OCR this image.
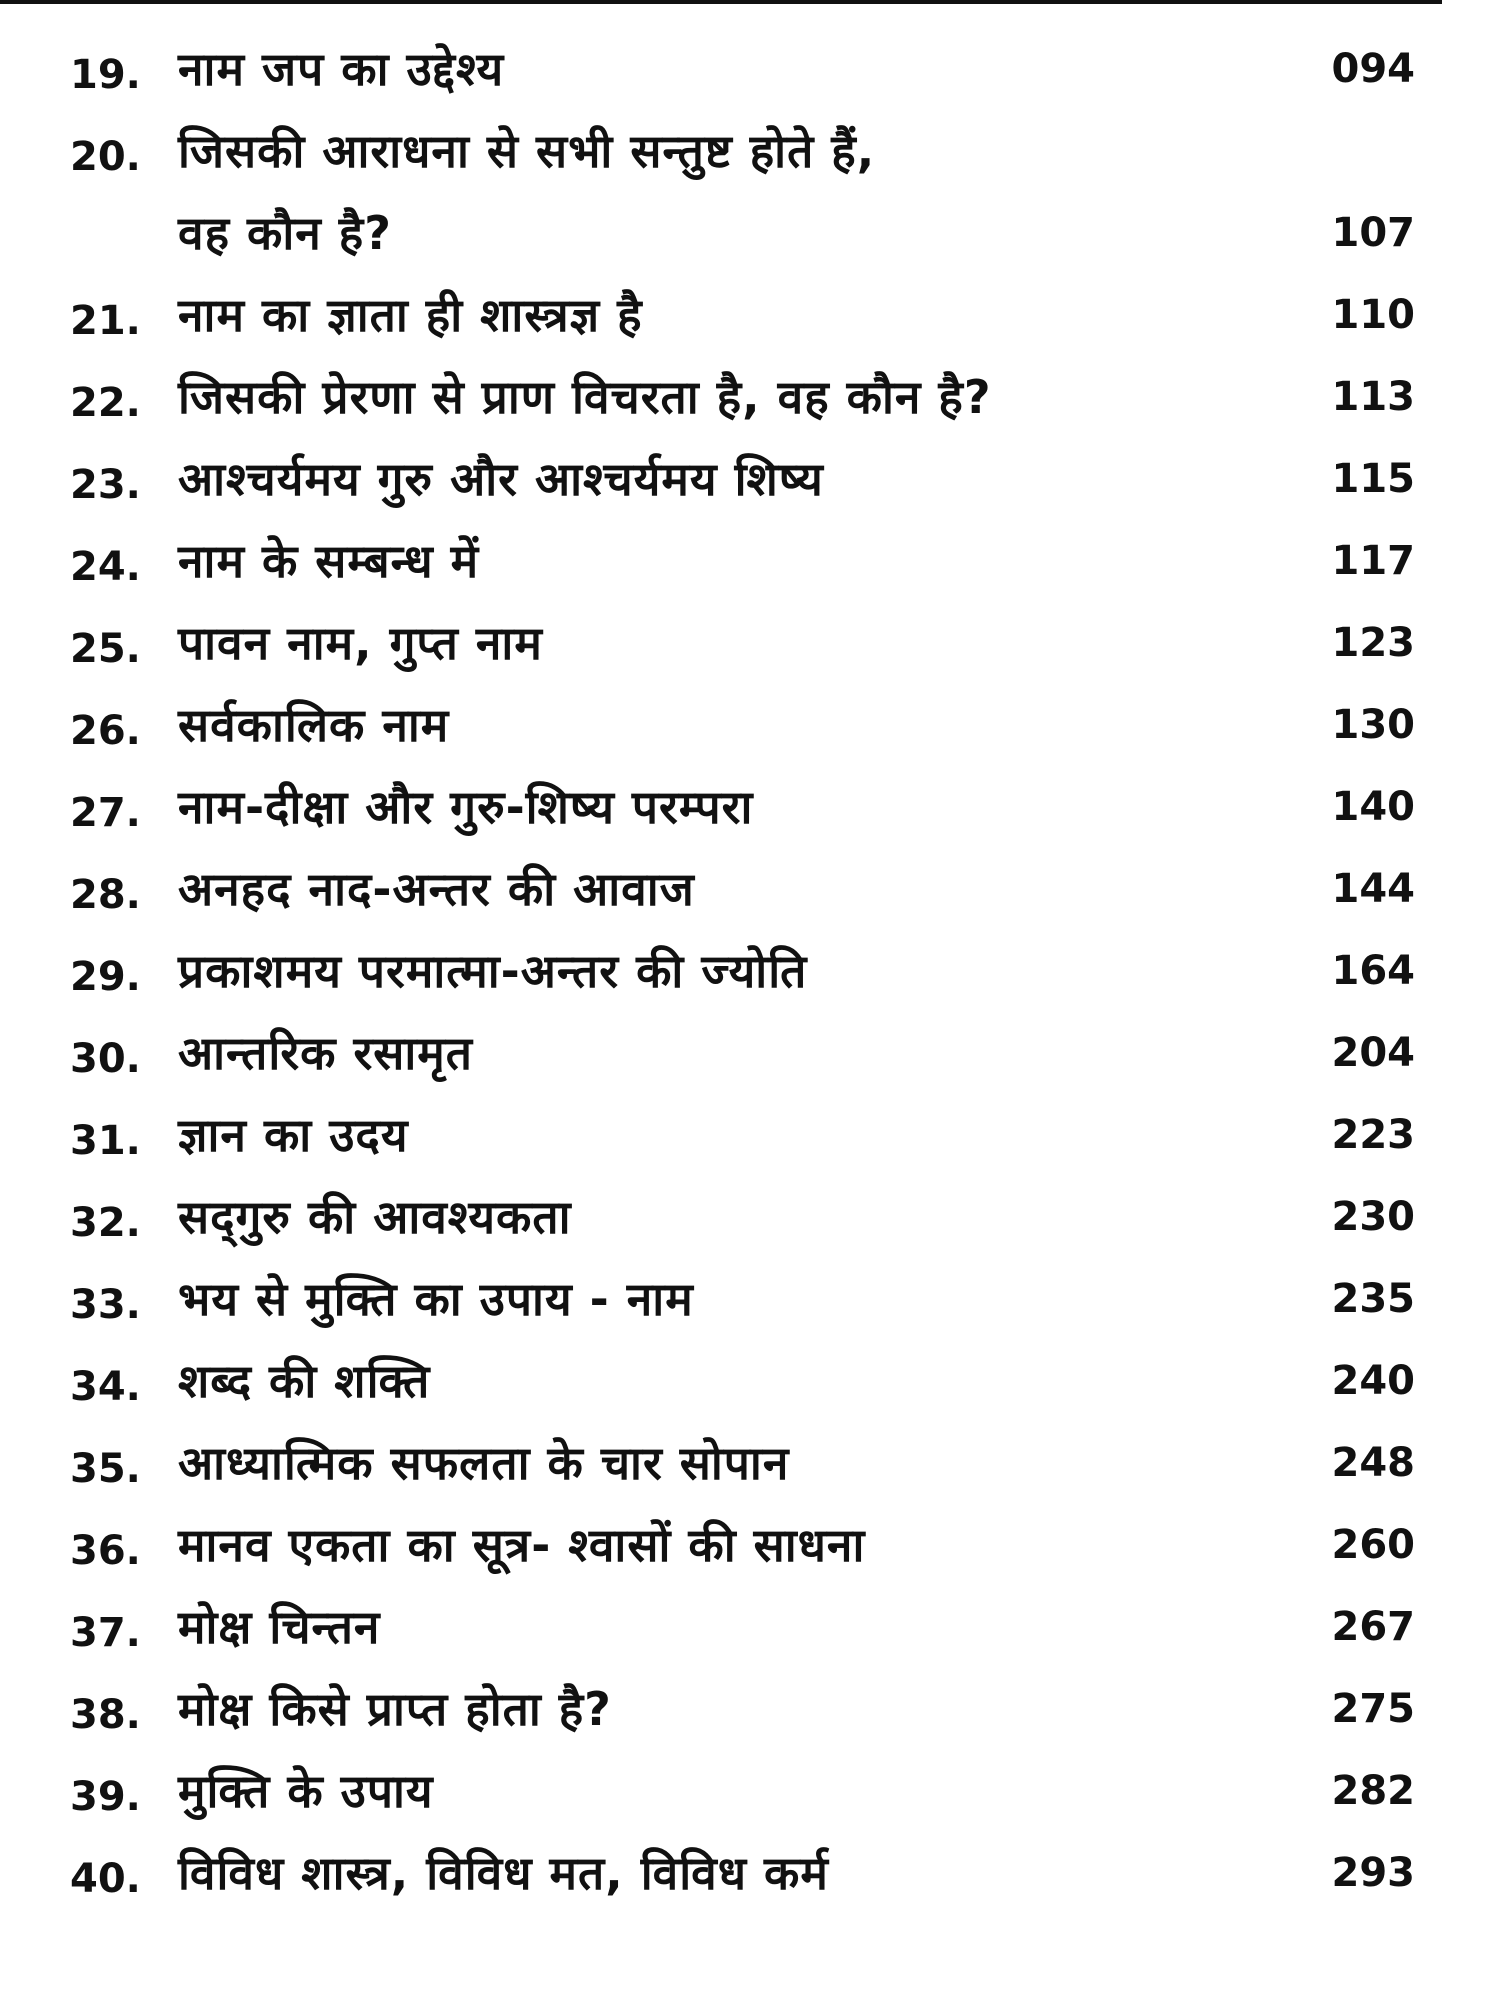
19. नाम जप का उद्देश्य	094
20. जिसकी आराधना से सभी सन्तुष्ट होते हैं,
वह कौन है?	107
21. नाम का ज्ञाता ही शास्त्रज्ञ है	110
22. जिसकी प्रेरणा से प्राण विचरता है, वह कौन है?	113
23. आश्चर्यमय गुरु और आश्चर्यमय शिष्य	115
24. नाम के सम्बन्ध में	117
25. पावन नाम, गुप्त नाम	123
26. सर्वकालिक नाम	130
27. नाम-दीक्षा और गुरु-शिष्य परम्परा	140
28. अनहद नाद-अन्तर की आवाज	144
29. प्रकाशमय परमात्मा-अन्तर की ज्योति	164
30. आन्तरिक रसामृत	204
31. ज्ञान का उदय	223
32. सद्‌गुरु की आवश्यकता	230
33. भय से मुक्ति का उपाय - नाम	235
34. शब्द की शक्ति	240
35. आध्यात्मिक सफलता के चार सोपान	248
36. मानव एकता का सूत्र- श्वासों की साधना	260
37. मोक्ष चिन्तन	267
38. मोक्ष किसे प्राप्त होता है?	275
39. मुक्ति के उपाय	282
40. विविध शास्त्र, विविध मत, विविध कर्म	293
